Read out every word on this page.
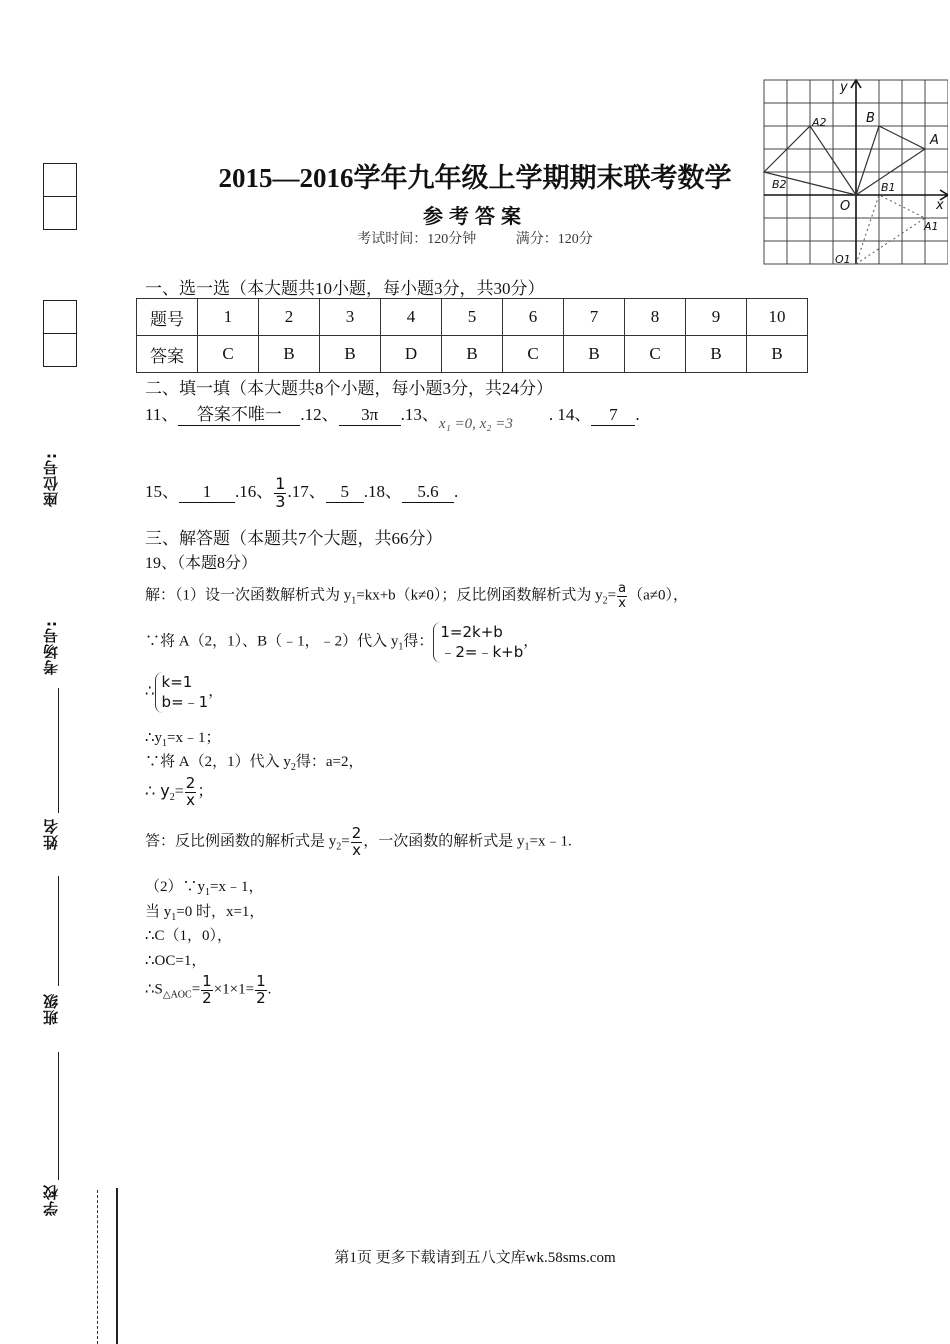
座位号:
考场号:
姓名
班级
学校
y
x
O
A
A1
A2	B
B1
B2
O1
2015—2016学年九年级上学期期末联考数学
参考答案
考试时间：120分钟	满分：120分
一、选一选（本大题共10小题，每小题3分，共30分）
题号	1	2	3	4	5	6	7	8	9	10
答案	C	B	B	D	B	C	B	C	B	B
二、填一填（本大题共8个小题，每小题3分，共24分）
11、 答案不唯一 .12、 3π .13、x₁ =0, x₂ =3 . 14、 7 .
15、 1 .16、 $\frac{1}{3} .17$、 5 .18、 5.6 .
三、解答题（本题共7个大题，共66分）
19、（本题8分）
解：（1）设一次函数解析式为 $y_1=kx+b(k\ne 0)$；反比例函数解析式为 $y_2= \frac{a}{x} (a\ne 0)$，
∵将 A（2，1）、B（﹣1，﹣2）代入 $y_1$得：
1=2k+b
﹣2=﹣k+b
，
∴
k=1
b=﹣1
，
$\therefore y_1=x﹣1$；
∵将 A（2，1）代入 $y_2$得：a=2，
∴ $y_2= \frac{2}{x}$ ；
答：反比例函数的解析式是 $y_2= \frac{2}{x}$ ，一次函数的解析式是 $y_1=x﹣1$.
$(2)\because y_1=x﹣1$，
当 $y_1=0$ 时，x=1，
∴C（1，0），
∴OC=1，
$\therefore S_{\triangle AOC}= \frac{1}{2} \times 1\times 1= \frac{1}{2}$ .
第1页 更多下载请到五八文库wk.58sms.com
